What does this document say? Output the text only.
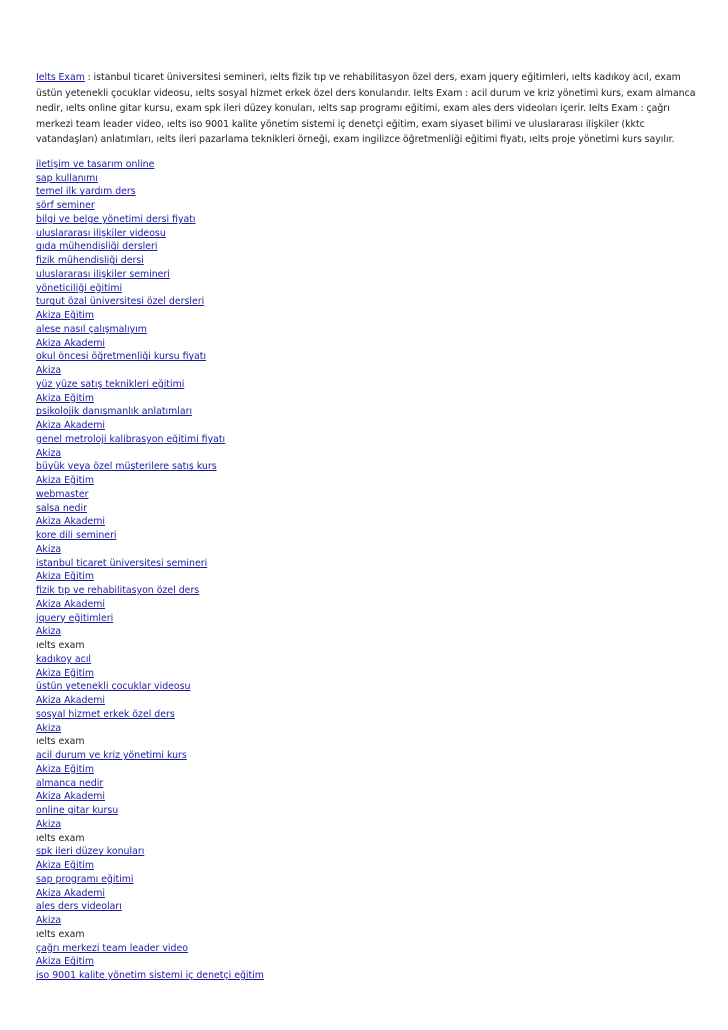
Ielts Exam : istanbul ticaret üniversitesi semineri, ıelts fizik tıp ve rehabilitasyon özel ders, exam jquery eğitimleri, ıelts kadıkoy acıl, exam üstün yetenekli çocuklar videosu, ıelts sosyal hizmet erkek özel ders konularıdır. Ielts Exam : acil durum ve kriz yönetimi kurs, exam almanca nedir, ıelts online gitar kursu, exam spk ileri düzey konuları, ıelts sap programı eğitimi, exam ales ders videoları içerir. Ielts Exam : çağrı merkezi team leader video, ıelts iso 9001 kalite yönetim sistemi iç denetçi eğitim, exam siyaset bilimi ve uluslararası ilişkiler (kktc vatandaşları) anlatımları, ıelts ileri pazarlama teknikleri örneği, exam ingilizce öğretmenliği eğitimi fiyatı, ıelts proje yönetimi kurs sayılır.

iletişim ve tasarım online
sap kullanımı
temel ilk yardım ders
sörf seminer
bilgi ve belge yönetimi dersi fiyatı
uluslararası ilişkiler videosu
gıda mühendisliği dersleri
fizik mühendisliği dersi
uluslararası ilişkiler semineri
yöneticiliği eğitimi
turgut özal üniversitesi özel dersleri
Akiza Eğitim
alese nasıl çalışmalıyım
Akiza Akademi
okul öncesi öğretmenliği kursu fiyatı
Akiza
yüz yüze satış teknikleri eğitimi
Akiza Eğitim
psikolojik danışmanlık anlatımları
Akiza Akademi
genel metroloji kalibrasyon eğitimi fiyatı
Akiza
büyük veya özel müşterilere satış kurs
Akiza Eğitim
webmaster
salsa nedir
Akiza Akademi
kore dili semineri
Akiza
istanbul ticaret üniversitesi semineri
Akiza Eğitim
fizik tıp ve rehabilitasyon özel ders
Akiza Akademi
jquery eğitimleri
Akiza
ıelts exam
kadıkoy acıl
Akiza Eğitim
üstün yetenekli çocuklar videosu
Akiza Akademi
sosyal hizmet erkek özel ders
Akiza
ıelts exam
acil durum ve kriz yönetimi kurs
Akiza Eğitim
almanca nedir
Akiza Akademi
online gitar kursu
Akiza
ıelts exam
spk ileri düzey konuları
Akiza Eğitim
sap programı eğitimi
Akiza Akademi
ales ders videoları
Akiza
ıelts exam
çağrı merkezi team leader video
Akiza Eğitim
iso 9001 kalite yönetim sistemi iç denetçi eğitim
